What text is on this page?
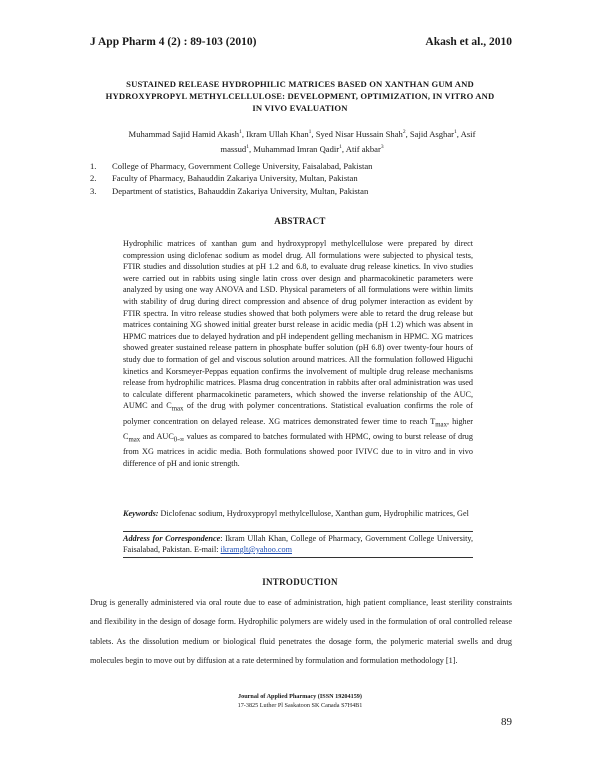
J App Pharm 4 (2) : 89-103 (2010)	Akash et al., 2010
SUSTAINED RELEASE HYDROPHILIC MATRICES BASED ON XANTHAN GUM AND HYDROXYPROPYL METHYLCELLULOSE: DEVELOPMENT, OPTIMIZATION, IN VITRO AND IN VIVO EVALUATION
Muhammad Sajid Hamid Akash$^1$, Ikram Ullah Khan$^1$, Syed Nisar Hussain Shah$^2$, Sajid Asghar$^1$, Asif massud$^1$, Muhammad Imran Qadir$^1$, Atif akbar$^3$
1. College of Pharmacy, Government College University, Faisalabad, Pakistan
2. Faculty of Pharmacy, Bahauddin Zakariya University, Multan, Pakistan
3. Department of statistics, Bahauddin Zakariya University, Multan, Pakistan
ABSTRACT

Hydrophilic matrices of xanthan gum and hydroxypropyl methylcellulose were prepared by direct compression using diclofenac sodium as model drug. All formulations were subjected to physical tests, FTIR studies and dissolution studies at pH 1.2 and 6.8, to evaluate drug release kinetics. In vivo studies were carried out in rabbits using single latin cross over design and pharmacokinetic parameters were analyzed by using one way ANOVA and LSD. Physical parameters of all formulations were within limits with stability of drug during direct compression and absence of drug polymer interaction as evident by FTIR spectra. In vitro release studies showed that both polymers were able to retard the drug release but matrices containing XG showed initial greater burst release in acidic media (pH 1.2) which was absent in HPMC matrices due to delayed hydration and pH independent gelling mechanism in HPMC. XG matrices showed greater sustained release pattern in phosphate buffer solution (pH 6.8) over twenty-four hours of study due to formation of gel and viscous solution around matrices. All the formulation followed Higuchi kinetics and Korsmeyer-Peppas equation confirms the involvement of multiple drug release mechanisms release from hydrophilic matrices. Plasma drug concentration in rabbits after oral administration was used to calculate different pharmacokinetic parameters, which showed the inverse relationship of the AUC, AUMC and $C_{max}$ of the drug with polymer concentrations. Statistical evaluation confirms the role of polymer concentration on delayed release. XG matrices demonstrated fewer time to reach $T_{max}$, higher $C_{max}$ and $AUC_{0-\infty}$ values as compared to batches formulated with HPMC, owing to burst release of drug from XG matrices in acidic media. Both formulations showed poor IVIVC due to in vitro and in vivo difference of pH and ionic strength.

Keywords: Diclofenac sodium, Hydroxypropyl methylcellulose, Xanthan gum, Hydrophilic matrices, Gel
Address for Correspondence: Ikram Ullah Khan, College of Pharmacy, Government College University, Faisalabad, Pakistan. E-mail: ikramglt@yahoo.com
INTRODUCTION

Drug is generally administered via oral route due to ease of administration, high patient compliance, least sterility constraints and flexibility in the design of dosage form. Hydrophilic polymers are widely used in the formulation of oral controlled release tablets. As the dissolution medium or biological fluid penetrates the dosage form, the polymeric material swells and drug molecules begin to move out by diffusion at a rate determined by formulation and formulation methodology [1].

Journal of Applied Pharmacy (ISSN 19204159)
17-3825 Luther Pl Saskatoon SK Canada S7H4B1
89
